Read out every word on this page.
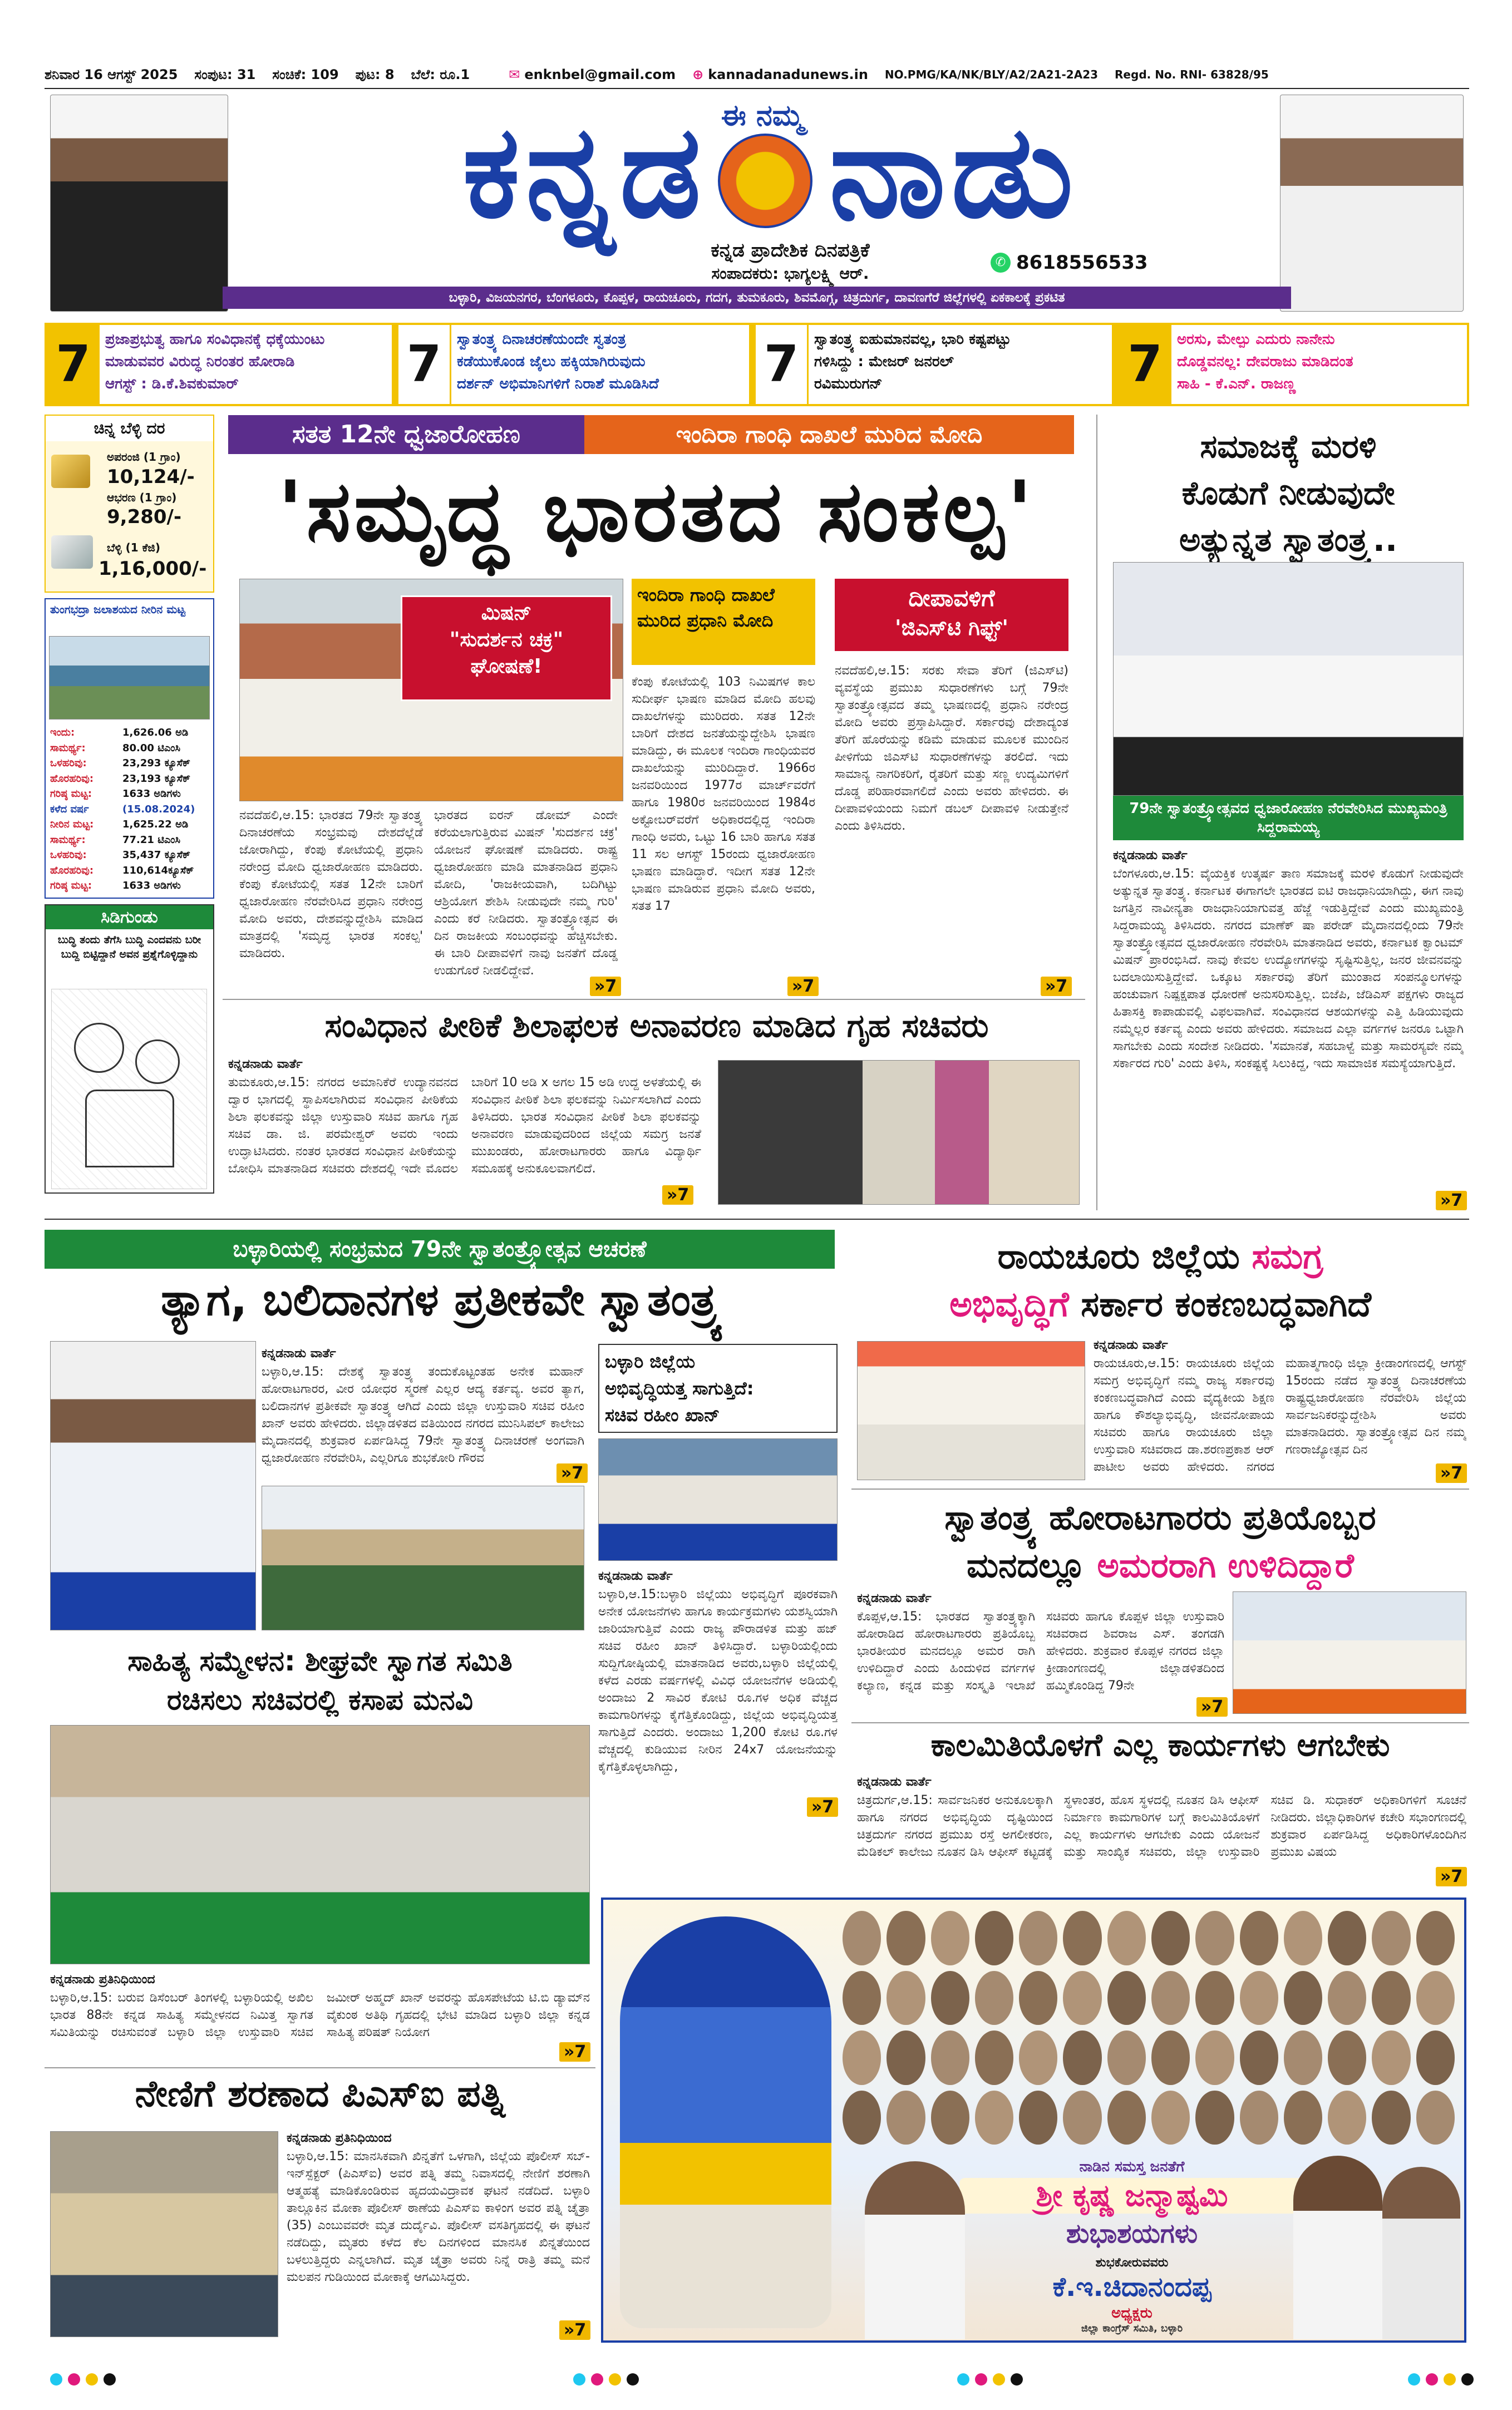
ಶನಿವಾರ 16 ಆಗಸ್ಟ್ 2025 ಸಂಪುಟ: 31 ಸಂಚಿಕೆ: 109 ಪುಟ: 8 ಬೆಲೆ: ರೂ.1	✉ enknbel@gmail.com ⊕ kannadanadunews.in NO.PMG/KA/NK/BLY/A2/2A21-2A23 Regd. No. RNI- 63828/95
ಈ ನಮ್ಮ
ಕನ್ನಡ ನಾಡು
ಕನ್ನಡ ಪ್ರಾದೇಶಿಕ ದಿನಪತ್ರಿಕೆ
ಸಂಪಾದಕರು: ಭಾಗ್ಯಲಕ್ಷ್ಮಿ ಆರ್.
✆ 8618556533
ಬಳ್ಳಾರಿ, ವಿಜಯನಗರ, ಬೆಂಗಳೂರು, ಕೊಪ್ಪಳ, ರಾಯಚೂರು, ಗದಗ, ತುಮಕೂರು, ಶಿವಮೊಗ್ಗ, ಚಿತ್ರದುರ್ಗ, ದಾವಣಗೆರೆ ಜಿಲ್ಲೆಗಳಲ್ಲಿ ಏಕಕಾಲಕ್ಕೆ ಪ್ರಕಟಿತ
7	ಪ್ರಜಾಪ್ರಭುತ್ವ ಹಾಗೂ ಸಂವಿಧಾನಕ್ಕೆ ಧಕ್ಕೆಯುಂಟು
ಮಾಡುವವರ ವಿರುದ್ಧ ನಿರಂತರ ಹೋರಾಡಿ
ಆಗಸ್ಟ್ : ಡಿ.ಕೆ.ಶಿವಕುಮಾರ್	7	ಸ್ವಾತಂತ್ರ್ಯ ದಿನಾಚರಣೆಯಂದೇ ಸ್ವತಂತ್ರ
ಕಡೆಯುಕೊಂಡ ಜೈಲು ಹಕ್ಕಿಯಾಗಿರುವುದು
ದರ್ಶನ್ ಅಭಿಮಾನಿಗಳಿಗೆ ನಿರಾಶೆ ಮೂಡಿಸಿದೆ 7	ಸ್ವಾತಂತ್ರ್ಯ ಐಹುಮಾನವಲ್ಲ, ಭಾರಿ ಕಷ್ಟಪಟ್ಟು
ಗಳಿಸಿದ್ದು : ಮೇಜರ್ ಜನರಲ್
ರವಿಮುರುಗನ್	7	ಅರಸು, ಮೇಲ್ಪು ಎದುರು ನಾನೇನು
ದೊಡ್ಡವನಲ್ಲ: ದೇವರಾಜು ಮಾಡಿದಂತ
ಸಾಹಿ - ಕೆ.ಎನ್. ರಾಜಣ್ಣ
ಚಿನ್ನ ಬೆಳ್ಳಿ ದರ
ಅಪರಂಜಿ (1 ಗ್ರಾಂ)
10,124/-
ಆಭರಣ (1 ಗ್ರಾಂ)
9,280/-
ಬೆಳ್ಳಿ (1 ಕೆಜಿ)
1,16,000/-
ತುಂಗಭದ್ರಾ ಜಲಾಶಯದ ನೀರಿನ ಮಟ್ಟ
ಇಂದು:	1,626.06 ಅಡಿ
ಸಾಮರ್ಥ್ಯ:	80.00 ಟಿಎಂಸಿ
ಒಳಹರಿವು:	23,293 ಕ್ಯೂಸೆಕ್
ಹೊರಹರಿವು:	23,193 ಕ್ಯೂಸೆಕ್
ಗರಿಷ್ಠ ಮಟ್ಟ:	1633 ಅಡಿಗಳು
ಕಳೆದ ವರ್ಷ	(15.08.2024)
ನೀರಿನ ಮಟ್ಟ:	1,625.22 ಅಡಿ
ಸಾಮರ್ಥ್ಯ:	77.21 ಟಿಎಂಸಿ
ಒಳಹರಿವು:	35,437 ಕ್ಯೂಸೆಕ್
ಹೊರಹರಿವು:	110,614ಕ್ಯೂಸೆಕ್
ಗರಿಷ್ಠ ಮಟ್ಟ:	1633 ಅಡಿಗಳು
ಸಿಡಿಗುಂಡು
ಬುದ್ಧಿ ತಂದು ತೆಗೆಸಿ ಬುದ್ಧಿ ಎಂದವನು ಬರೀ ಬುದ್ದಿ ಬಿಟ್ಟಿದ್ದಾನೆ ಅವನ ಪ್ರಶ್ನೆಗೊಳ್ಳಿದ್ದಾನು
ಸತತ 12ನೇ ಧ್ವಜಾರೋಹಣ	ಇಂದಿರಾ ಗಾಂಧಿ ದಾಖಲೆ ಮುರಿದ ಮೋದಿ
'ಸಮೃದ್ಧ ಭಾರತದ ಸಂಕಲ್ಪ'
ಮಿಷನ್
"ಸುದರ್ಶನ ಚಕ್ರ"
ಘೋಷಣೆ!
ಇಂದಿರಾ ಗಾಂಧಿ ದಾಖಲೆ ಮುರಿದ ಪ್ರಧಾನಿ ಮೋದಿ
ದೀಪಾವಳಿಗೆ
'ಜಿಎಸ್‌ಟಿ ಗಿಫ್ಟ್'
ನವದೆಹಲಿ,ಆ.15: ಭಾರತದ 79ನೇ ಸ್ವಾತಂತ್ರ್ಯ ದಿನಾಚರಣೆಯ ಸಂಭ್ರಮವು ದೇಶದೆಲ್ಲೆಡೆ ಜೋರಾಗಿದ್ದು, ಕೆಂಪು ಕೋಟೆಯಲ್ಲಿ ಪ್ರಧಾನಿ ನರೇಂದ್ರ ಮೋದಿ ಧ್ವಜಾರೋಹಣ ಮಾಡಿದರು. ಕೆಂಪು ಕೋಟೆಯಲ್ಲಿ ಸತತ 12ನೇ ಬಾರಿಗೆ ಧ್ವಜಾರೋಹಣ ನೆರವೇರಿಸಿದ ಪ್ರಧಾನಿ ನರೇಂದ್ರ ಮೋದಿ ಅವರು, ದೇಶವನ್ನುದ್ದೇಶಿಸಿ ಮಾಡಿದ ಮಾತ್ರದಲ್ಲಿ 'ಸಮೃದ್ಧ ಭಾರತ ಸಂಕಲ್ಪ' ಮಾಡಿದರು.
ಭಾರತದ ಐರನ್ ಡೋಮ್ ಎಂದೇ ಕರೆಯಲಾಗುತ್ತಿರುವ ಮಿಷನ್ 'ಸುದರ್ಶನ ಚಕ್ರ' ಯೋಜನೆ ಘೋಷಣೆ ಮಾಡಿದರು. ರಾಷ್ಟ್ರ ಧ್ವಜಾರೋಹಣ ಮಾಡಿ ಮಾತನಾಡಿದ ಪ್ರಧಾನಿ ಮೋದಿ, 'ರಾಜಕೀಯವಾಗಿ, ಬದಿಗಿಟ್ಟು ಆಶ್ರಿಯೋಗ ಶೇಶಿಸಿ ನೀಡುವುದೇ ನಮ್ಮ ಗುರಿ' ಎಂದು ಕರೆ ನೀಡಿದರು. ಸ್ವಾತಂತ್ರ್ಯೋತ್ಸವ ಈ ದಿನ ರಾಜಕೀಯ ಸಂಬಂಧವನ್ನು ಹೆಚ್ಚಿಸಬೇಕು. ಈ ಬಾರಿ ದೀಪಾವಳಿಗೆ ನಾವು ಜನತೆಗೆ ದೊಡ್ಡ ಉಡುಗೊರೆ ನೀಡಲಿದ್ದೇವೆ.
»7
ಕೆಂಪು ಕೋಟೆಯಲ್ಲಿ 103 ನಿಮಿಷಗಳ ಕಾಲ ಸುದೀರ್ಘ ಭಾಷಣ ಮಾಡಿದ ಮೋದಿ ಹಲವು ದಾಖಲೆಗಳನ್ನು ಮುರಿದರು. ಸತತ 12ನೇ ಬಾರಿಗೆ ದೇಶದ ಜನತೆಯನ್ನುದ್ದೇಶಿಸಿ ಭಾಷಣ ಮಾಡಿದ್ದು, ಈ ಮೂಲಕ ಇಂದಿರಾ ಗಾಂಧಿಯವರ ದಾಖಲೆಯನ್ನು ಮುರಿದಿದ್ದಾರೆ. 1966ರ ಜನವರಿಯಿಂದ 1977ರ ಮಾರ್ಚ್‌ವರೆಗೆ ಹಾಗೂ 1980ರ ಜನವರಿಯಿಂದ 1984ರ ಅಕ್ಟೋಬರ್‌ವರೆಗೆ ಅಧಿಕಾರದಲ್ಲಿದ್ದ ಇಂದಿರಾ ಗಾಂಧಿ ಅವರು, ಒಟ್ಟು 16 ಬಾರಿ ಹಾಗೂ ಸತತ 11 ಸಲ ಆಗಸ್ಟ್ 15ರಂದು ಧ್ವಜಾರೋಹಣ ಭಾಷಣ ಮಾಡಿದ್ದಾರೆ. ಇದೀಗ ಸತತ 12ನೇ ಭಾಷಣ ಮಾಡಿರುವ ಪ್ರಧಾನಿ ಮೋದಿ ಅವರು, ಸತತ 17
»7
ನವದೆಹಲಿ,ಆ.15: ಸರಕು ಸೇವಾ ತೆರಿಗೆ (ಜಿಎಸ್‌ಟಿ) ವ್ಯವಸ್ಥೆಯ ಪ್ರಮುಖ ಸುಧಾರಣೆಗಳು ಬಗ್ಗೆ 79ನೇ ಸ್ವಾತಂತ್ರ್ಯೋತ್ಸವದ ತಮ್ಮ ಭಾಷಣದಲ್ಲಿ ಪ್ರಧಾನಿ ನರೇಂದ್ರ ಮೋದಿ ಅವರು ಪ್ರಸ್ತಾಪಿಸಿದ್ದಾರೆ. ಸರ್ಕಾರವು ದೇಶಾದ್ಯಂತ ತೆರಿಗೆ ಹೊರೆಯನ್ನು ಕಡಿಮೆ ಮಾಡುವ ಮೂಲಕ ಮುಂದಿನ ಪೀಳಿಗೆಯ ಜಿಎಸ್‌ಟಿ ಸುಧಾರಣೆಗಳನ್ನು ತರಲಿದೆ. ಇದು ಸಾಮಾನ್ಯ ನಾಗರಿಕರಿಗೆ, ರೈತರಿಗೆ ಮತ್ತು ಸಣ್ಣ ಉದ್ಯಮಿಗಳಿಗೆ ದೊಡ್ಡ ಪರಿಹಾರವಾಗಲಿದೆ ಎಂದು ಅವರು ಹೇಳಿದರು. ಈ ದೀಪಾವಳಿಯಂದು ನಿಮಗೆ ಡಬಲ್ ದೀಪಾವಳಿ ನೀಡುತ್ತೇನೆ ಎಂದು ತಿಳಿಸಿದರು.
»7
ಸಂವಿಧಾನ ಪೀಠಿಕೆ ಶಿಲಾಫಲಕ ಅನಾವರಣ ಮಾಡಿದ ಗೃಹ ಸಚಿವರು
ಕನ್ನಡನಾಡು ವಾರ್ತೆ
ತುಮಕೂರು,ಆ.15: ನಗರದ ಅಮಾನಿಕೆರೆ ಉದ್ಯಾನವನದ ದ್ವಾರ ಭಾಗದಲ್ಲಿ ಸ್ಥಾಪಿಸಲಾಗಿರುವ ಸಂವಿಧಾನ ಪೀಠಿಕೆಯ ಶಿಲಾ ಫಲಕವನ್ನು ಜಿಲ್ಲಾ ಉಸ್ತುವಾರಿ ಸಚಿವ ಹಾಗೂ ಗೃಹ ಸಚಿವ ಡಾ. ಜಿ. ಪರಮೇಶ್ವರ್ ಅವರು ಇಂದು ಉದ್ಘಾಟಿಸಿದರು. ನಂತರ ಭಾರತದ ಸಂವಿಧಾನ ಪೀಠಿಕೆಯನ್ನು ಬೋಧಿಸಿ ಮಾತನಾಡಿದ ಸಚಿವರು ದೇಶದಲ್ಲಿ ಇದೇ ಮೊದಲ ಬಾರಿಗೆ 10 ಅಡಿ x ಅಗಲ 15 ಅಡಿ ಉದ್ದ ಅಳತೆಯಲ್ಲಿ ಈ ಸಂವಿಧಾನ ಪೀಠಿಕೆ ಶಿಲಾ ಫಲಕವನ್ನು ನಿರ್ಮಿಸಲಾಗಿದೆ ಎಂದು ತಿಳಿಸಿದರು. ಭಾರತ ಸಂವಿಧಾನ ಪೀಠಿಕೆ ಶಿಲಾ ಫಲಕವನ್ನು ಅನಾವರಣ ಮಾಡುವುದರಿಂದ ಜಿಲ್ಲೆಯ ಸಮಗ್ರ ಜನತೆ ಮುಖಂಡರು, ಹೋರಾಟಗಾರರು ಹಾಗೂ ವಿದ್ಯಾರ್ಥಿ ಸಮೂಹಕ್ಕೆ ಅನುಕೂಲವಾಗಲಿದೆ.
»7
ಸಮಾಜಕ್ಕೆ ಮರಳಿ
ಕೊಡುಗೆ ನೀಡುವುದೇ
ಅತ್ಯುನ್ನತ ಸ್ವಾತಂತ್ರ್ಯ..
79ನೇ ಸ್ವಾತಂತ್ರ್ಯೋತ್ಸವದ ಧ್ವಜಾರೋಹಣ ನೆರವೇರಿಸಿದ ಮುಖ್ಯಮಂತ್ರಿ ಸಿದ್ದರಾಮಯ್ಯ
ಕನ್ನಡನಾಡು ವಾರ್ತೆ
ಬೆಂಗಳೂರು,ಆ.15: ವೈಯಕ್ತಿಕ ಉತ್ಕರ್ಷ ತಾಣ ಸಮಾಜಕ್ಕೆ ಮರಳಿ ಕೊಡುಗೆ ನೀಡುವುದೇ ಅತ್ಯುನ್ನತ ಸ್ವಾತಂತ್ರ್ಯ. ಕರ್ನಾಟಕ ಈಗಾಗಲೇ ಭಾರತದ ಐಟಿ ರಾಜಧಾನಿಯಾಗಿದ್ದು, ಈಗ ನಾವು ಜಗತ್ತಿನ ನಾವೀನ್ಯತಾ ರಾಜಧಾನಿಯಾಗುವತ್ತ ಹೆಜ್ಜೆ ಇಡುತ್ತಿದ್ದೇವೆ ಎಂದು ಮುಖ್ಯಮಂತ್ರಿ ಸಿದ್ದರಾಮಯ್ಯ ತಿಳಿಸಿದರು. ನಗರದ ಮಾಣೆಕ್ ಷಾ ಪರೇಡ್ ಮೈದಾನದಲ್ಲಿಂದು 79ನೇ ಸ್ವಾತಂತ್ರ್ಯೋತ್ಸವದ ಧ್ವಜಾರೋಹಣ ನೆರವೇರಿಸಿ ಮಾತನಾಡಿದ ಅವರು, ಕರ್ನಾಟಕ ಕ್ವಾಂಟಮ್ ಮಿಷನ್ ಪ್ರಾರಂಭಿಸಿದೆ. ನಾವು ಕೇವಲ ಉದ್ಯೋಗಗಳನ್ನು ಸೃಷ್ಟಿಸುತ್ತಿಲ್ಲ, ಜನರ ಜೀವನವನ್ನು ಬದಲಾಯಿಸುತ್ತಿದ್ದೇವೆ. ಒಕ್ಕೂಟ ಸರ್ಕಾರವು ತೆರಿಗೆ ಮುಂತಾದ ಸಂಪನ್ಮೂಲಗಳನ್ನು ಹಂಚುವಾಗ ನಿಷ್ಪಕ್ಷಪಾತ ಧೋರಣೆ ಅನುಸರಿಸುತ್ತಿಲ್ಲ. ಬಿಜೆಪಿ, ಜೆಡಿಎಸ್ ಪಕ್ಷಗಳು ರಾಜ್ಯದ ಹಿತಾಸಕ್ತಿ ಕಾಪಾಡುವಲ್ಲಿ ವಿಫಲವಾಗಿವೆ. ಸಂವಿಧಾನದ ಆಶಯಗಳನ್ನು ಎತ್ತಿ ಹಿಡಿಯುವುದು ನಮ್ಮೆಲ್ಲರ ಕರ್ತವ್ಯ ಎಂದು ಅವರು ಹೇಳಿದರು. ಸಮಾಜದ ಎಲ್ಲಾ ವರ್ಗಗಳ ಜನರೂ ಒಟ್ಟಾಗಿ ಸಾಗಬೇಕು ಎಂದು ಸಂದೇಶ ನೀಡಿದರು. 'ಸಮಾನತೆ, ಸಹಬಾಳ್ವೆ ಮತ್ತು ಸಾಮರಸ್ಯವೇ ನಮ್ಮ ಸರ್ಕಾರದ ಗುರಿ' ಎಂದು ತಿಳಿಸಿ, ಸಂಕಷ್ಟಕ್ಕೆ ಸಿಲುಕಿದ್ದ, ಇದು ಸಾಮಾಜಿಕ ಸಮಸ್ಯೆಯಾಗುತ್ತಿದೆ.
»7
ಬಳ್ಳಾರಿಯಲ್ಲಿ ಸಂಭ್ರಮದ 79ನೇ ಸ್ವಾತಂತ್ರ್ಯೋತ್ಸವ ಆಚರಣೆ
ತ್ಯಾಗ, ಬಲಿದಾನಗಳ ಪ್ರತೀಕವೇ ಸ್ವಾತಂತ್ರ್ಯ
ಕನ್ನಡನಾಡು ವಾರ್ತೆ
ಬಳ್ಳಾರಿ,ಆ.15: ದೇಶಕ್ಕೆ ಸ್ವಾತಂತ್ರ್ಯ ತಂದುಕೊಟ್ಟಂತಹ ಅನೇಕ ಮಹಾನ್ ಹೋರಾಟಗಾರರ, ವೀರ ಯೋಧರ ಸ್ಮರಣೆ ಎಲ್ಲರ ಆದ್ಯ ಕರ್ತವ್ಯ. ಅವರ ತ್ಯಾಗ, ಬಲಿದಾನಗಳ ಪ್ರತೀಕವೇ ಸ್ವಾತಂತ್ರ್ಯ ಆಗಿದೆ ಎಂದು ಜಿಲ್ಲಾ ಉಸ್ತುವಾರಿ ಸಚಿವ ರಹೀಂ ಖಾನ್ ಅವರು ಹೇಳಿದರು. ಜಿಲ್ಲಾಡಳಿತದ ವತಿಯಿಂದ ನಗರದ ಮುನಿಸಿಪಲ್ ಕಾಲೇಜು ಮೈದಾನದಲ್ಲಿ ಶುಕ್ರವಾರ ಏರ್ಪಡಿಸಿದ್ದ 79ನೇ ಸ್ವಾತಂತ್ರ್ಯ ದಿನಾಚರಣೆ ಅಂಗವಾಗಿ ಧ್ವಜಾರೋಹಣ ನೆರವೇರಿಸಿ, ಎಲ್ಲರಿಗೂ ಶುಭಕೋರಿ ಗೌರವ
»7
ಬಳ್ಳಾರಿ ಜಿಲ್ಲೆಯ
ಅಭಿವೃದ್ಧಿಯತ್ತ ಸಾಗುತ್ತಿದೆ:
ಸಚಿವ ರಹೀಂ ಖಾನ್
ಕನ್ನಡನಾಡು ವಾರ್ತೆ
ಬಳ್ಳಾರಿ,ಆ.15:ಬಳ್ಳಾರಿ ಜಿಲ್ಲೆಯು ಅಭಿವೃದ್ಧಿಗೆ ಪೂರಕವಾಗಿ ಅನೇಕ ಯೋಜನೆಗಳು ಹಾಗೂ ಕಾರ್ಯಕ್ರಮಗಳು ಯಶಸ್ವಿಯಾಗಿ ಜಾರಿಯಾಗುತ್ತಿವೆ ಎಂದು ರಾಜ್ಯ ಪೌರಾಡಳಿತ ಮತ್ತು ಹಜ್ ಸಚಿವ ರಹೀಂ ಖಾನ್ ತಿಳಿಸಿದ್ದಾರೆ. ಬಳ್ಳಾರಿಯಲ್ಲಿಂದು ಸುದ್ದಿಗೋಷ್ಠಿಯಲ್ಲಿ ಮಾತನಾಡಿದ ಅವರು,ಬಳ್ಳಾರಿ ಜಿಲ್ಲೆಯಲ್ಲಿ ಕಳೆದ ಎರಡು ವರ್ಷಗಳಲ್ಲಿ ವಿವಿಧ ಯೋಜನೆಗಳ ಅಡಿಯಲ್ಲಿ ಅಂದಾಜು 2 ಸಾವಿರ ಕೋಟಿ ರೂ.ಗಳ ಅಧಿಕ ವೆಚ್ಚದ ಕಾಮಗಾರಿಗಳನ್ನು ಕೈಗೆತ್ತಿಕೊಂಡಿದ್ದು, ಜಿಲ್ಲೆಯ ಅಭಿವೃದ್ಧಿಯತ್ತ ಸಾಗುತ್ತಿದೆ ಎಂದರು. ಅಂದಾಜು 1,200 ಕೋಟಿ ರೂ.ಗಳ ವೆಚ್ಚದಲ್ಲಿ ಕುಡಿಯುವ ನೀರಿನ 24x7 ಯೋಜನೆಯನ್ನು ಕೈಗೆತ್ತಿಕೊಳ್ಳಲಾಗಿದ್ದು,
»7
ಸಾಹಿತ್ಯ ಸಮ್ಮೇಳನ: ಶೀಘ್ರವೇ ಸ್ವಾಗತ ಸಮಿತಿ
ರಚಿಸಲು ಸಚಿವರಲ್ಲಿ ಕಸಾಪ ಮನವಿ
ಕನ್ನಡನಾಡು ಪ್ರತಿನಿಧಿಯಿಂದ
ಬಳ್ಳಾರಿ,ಆ.15: ಬರುವ ಡಿಸೆಂಬರ್ ತಿಂಗಳಲ್ಲಿ ಬಳ್ಳಾರಿಯಲ್ಲಿ ಅಖಿಲ ಭಾರತ 88ನೇ ಕನ್ನಡ ಸಾಹಿತ್ಯ ಸಮ್ಮೇಳನದ ನಿಮಿತ್ತ ಸ್ವಾಗತ ಸಮಿತಿಯನ್ನು ರಚಿಸುವಂತೆ ಬಳ್ಳಾರಿ ಜಿಲ್ಲಾ ಉಸ್ತುವಾರಿ ಸಚಿವ ಜಮೀರ್ ಅಹ್ಮದ್ ಖಾನ್ ಅವರನ್ನು ಹೊಸಪೇಟೆಯ ಟಿ.ಬಿ ಡ್ಯಾಮ್‌ನ ವೈಕುಂಠ ಅತಿಥಿ ಗೃಹದಲ್ಲಿ ಭೇಟಿ ಮಾಡಿದ ಬಳ್ಳಾರಿ ಜಿಲ್ಲಾ ಕನ್ನಡ ಸಾಹಿತ್ಯ ಪರಿಷತ್ ನಿಯೋಗ
»7
ನೇಣಿಗೆ ಶರಣಾದ ಪಿಎಸ್‌ಐ ಪತ್ನಿ
ಕನ್ನಡನಾಡು ಪ್ರತಿನಿಧಿಯಿಂದ
ಬಳ್ಳಾರಿ,ಆ.15: ಮಾನಸಿಕವಾಗಿ ಖಿನ್ನತೆಗೆ ಒಳಗಾಗಿ, ಜಿಲ್ಲೆಯ ಪೊಲೀಸ್ ಸಬ್-ಇನ್‌ಸ್ಪೆಕ್ಟರ್ (ಪಿಎಸ್‌ಐ) ಅವರ ಪತ್ನಿ ತಮ್ಮ ನಿವಾಸದಲ್ಲಿ ನೇಣಿಗೆ ಶರಣಾಗಿ ಆತ್ಮಹತ್ಯೆ ಮಾಡಿಕೊಂಡಿರುವ ಹೃದಯವಿದ್ರಾವಕ ಘಟನೆ ನಡೆದಿದೆ. ಬಳ್ಳಾರಿ ತಾಲ್ಲೂಕಿನ ಮೋಕಾ ಪೊಲೀಸ್ ಠಾಣೆಯ ಪಿಎಸ್‌ಐ ಕಾಳಿಂಗ ಅವರ ಪತ್ನಿ ಚೈತ್ರಾ (35) ಎಂಬುವವರೇ ಮೃತ ದುರ್ದೈವಿ. ಪೊಲೀಸ್ ವಸತಿಗೃಹದಲ್ಲಿ ಈ ಘಟನೆ ನಡೆದಿದ್ದು, ಮೃತರು ಕಳೆದ ಕೆಲ ದಿನಗಳಿಂದ ಮಾನಸಿಕ ಖಿನ್ನತೆಯಿಂದ ಬಳಲುತ್ತಿದ್ದರು ಎನ್ನಲಾಗಿದೆ. ಮೃತ ಚೈತ್ರಾ ಅವರು ನಿನ್ನೆ ರಾತ್ರಿ ತಮ್ಮ ಮನೆ ಮಲಪನ ಗುಡಿಯಿಂದ ಮೋಕಾಕ್ಕೆ ಆಗಮಿಸಿದ್ದರು.
»7
ರಾಯಚೂರು ಜಿಲ್ಲೆಯ ಸಮಗ್ರ
ಅಭಿವೃದ್ಧಿಗೆ ಸರ್ಕಾರ ಕಂಕಣಬದ್ಧವಾಗಿದೆ
ಕನ್ನಡನಾಡು ವಾರ್ತೆ
ರಾಯಚೂರು,ಆ.15: ರಾಯಚೂರು ಜಿಲ್ಲೆಯ ಸಮಗ್ರ ಅಭಿವೃದ್ಧಿಗೆ ನಮ್ಮ ರಾಜ್ಯ ಸರ್ಕಾರವು ಕಂಕಣಬದ್ಧವಾಗಿದೆ ಎಂದು ವೈದ್ಯಕೀಯ ಶಿಕ್ಷಣ ಹಾಗೂ ಕೌಶಲ್ಯಾಭಿವೃದ್ಧಿ, ಜೀವನೋಪಾಯ ಸಚಿವರು ಹಾಗೂ ರಾಯಚೂರು ಜಿಲ್ಲಾ ಉಸ್ತುವಾರಿ ಸಚಿವರಾದ ಡಾ.ಶರಣಪ್ರಕಾಶ ಆರ್ ಪಾಟೀಲ ಅವರು ಹೇಳಿದರು. ನಗರದ ಮಹಾತ್ಮಗಾಂಧಿ ಜಿಲ್ಲಾ ಕ್ರೀಡಾಂಗಣದಲ್ಲಿ ಆಗಸ್ಟ್ 15ರಂದು ನಡೆದ ಸ್ವಾತಂತ್ರ್ಯ ದಿನಾಚರಣೆಯ ರಾಷ್ಟ್ರಧ್ವಜಾರೋಹಣ ನೆರವೇರಿಸಿ ಜಿಲ್ಲೆಯ ಸಾರ್ವಜನಿಕರನ್ನುದ್ದೇಶಿಸಿ ಅವರು ಮಾತನಾಡಿದರು. ಸ್ವಾತಂತ್ರ್ಯೋತ್ಸವ ದಿನ ನಮ್ಮ ಗಣರಾಜ್ಯೋತ್ಸವ ದಿನ
»7
ಸ್ವಾತಂತ್ರ್ಯ ಹೋರಾಟಗಾರರು ಪ್ರತಿಯೊಬ್ಬರ
ಮನದಲ್ಲೂ ಅಮರರಾಗಿ ಉಳಿದಿದ್ದಾರೆ
ಕನ್ನಡನಾಡು ವಾರ್ತೆ
ಕೊಪ್ಪಳ,ಆ.15: ಭಾರತದ ಸ್ವಾತಂತ್ರ್ಯಕ್ಕಾಗಿ ಹೋರಾಡಿದ ಹೋರಾಟಗಾರರು ಪ್ರತಿಯೊಬ್ಬ ಭಾರತೀಯರ ಮನದಲ್ಲೂ ಅಮರ ರಾಗಿ ಉಳಿದಿದ್ದಾರೆ ಎಂದು ಹಿಂದುಳಿದ ವರ್ಗಗಳ ಕಲ್ಯಾಣ, ಕನ್ನಡ ಮತ್ತು ಸಂಸ್ಕೃತಿ ಇಲಾಖೆ ಸಚಿವರು ಹಾಗೂ ಕೊಪ್ಪಳ ಜಿಲ್ಲಾ ಉಸ್ತುವಾರಿ ಸಚಿವರಾದ ಶಿವರಾಜ ಎಸ್. ತಂಗಡಗಿ ಹೇಳಿದರು. ಶುಕ್ರವಾರ ಕೊಪ್ಪಳ ನಗರದ ಜಿಲ್ಲಾ ಕ್ರೀಡಾಂಗಣದಲ್ಲಿ ಜಿಲ್ಲಾಡಳಿತದಿಂದ ಹಮ್ಮಿಕೊಂಡಿದ್ದ 79ನೇ
»7
ಕಾಲಮಿತಿಯೊಳಗೆ ಎಲ್ಲ ಕಾರ್ಯಗಳು ಆಗಬೇಕು
ಕನ್ನಡನಾಡು ವಾರ್ತೆ
ಚಿತ್ರದುರ್ಗ,ಆ.15: ಸಾರ್ವಜನಿಕರ ಅನುಕೂಲಕ್ಕಾಗಿ ಹಾಗೂ ನಗರದ ಅಭಿವೃದ್ಧಿಯ ದೃಷ್ಟಿಯಿಂದ ಚಿತ್ರದುರ್ಗ ನಗರದ ಪ್ರಮುಖ ರಸ್ತೆ ಅಗಲೀಕರಣ, ಮೆಡಿಕಲ್ ಕಾಲೇಜು ನೂತನ ಡಿಸಿ ಆಫೀಸ್ ಕಟ್ಟಡಕ್ಕೆ ಸ್ಥಳಾಂತರ, ಹೊಸ ಸ್ಥಳದಲ್ಲಿ ನೂತನ ಡಿಸಿ ಆಫೀಸ್ ನಿರ್ಮಾಣ ಕಾಮಗಾರಿಗಳ ಬಗ್ಗೆ ಕಾಲಮಿತಿಯೊಳಗೆ ಎಲ್ಲ ಕಾರ್ಯಗಳು ಆಗಬೇಕು ಎಂದು ಯೋಜನೆ ಮತ್ತು ಸಾಂಖ್ಯಿಕ ಸಚಿವರು, ಜಿಲ್ಲಾ ಉಸ್ತುವಾರಿ ಸಚಿವ ಡಿ. ಸುಧಾಕರ್ ಅಧಿಕಾರಿಗಳಿಗೆ ಸೂಚನೆ ನೀಡಿದರು. ಜಿಲ್ಲಾಧಿಕಾರಿಗಳ ಕಚೇರಿ ಸಭಾಂಗಣದಲ್ಲಿ ಶುಕ್ರವಾರ ಏರ್ಪಡಿಸಿದ್ದ ಅಧಿಕಾರಿಗಳೊಂದಿಗಿನ ಪ್ರಮುಖ ವಿಷಯ
»7
ನಾಡಿನ ಸಮಸ್ತ ಜನತೆಗೆ
ಶ್ರೀ ಕೃಷ್ಣ ಜನ್ಮಾಷ್ಟಮಿ
ಶುಭಾಶಯಗಳು
ಶುಭಕೋರುವವರು
ಕೆ.ಇ.ಚಿದಾನಂದಪ್ಪ
ಅಧ್ಯಕ್ಷರು
ಜಿಲ್ಲಾ ಕಾಂಗ್ರೆಸ್ ಸಮಿತಿ, ಬಳ್ಳಾರಿ
